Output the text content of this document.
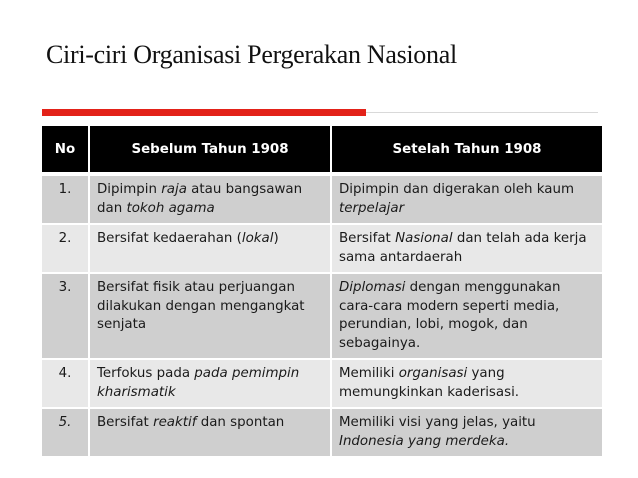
Ciri-ciri Organisasi Pergerakan Nasional
No	Sebelum Tahun 1908	Setelah Tahun 1908
1.	Dipimpin raja atau bangsawan dan tokoh agama	Dipimpin dan digerakan oleh kaum terpelajar
2.	Bersifat kedaerahan (lokal)	Bersifat Nasional dan telah ada kerja sama antardaerah
3.	Bersifat fisik atau perjuangan dilakukan dengan mengangkat senjata	Diplomasi dengan menggunakan cara-cara modern seperti media, perundian, lobi, mogok, dan sebagainya.
4.	Terfokus pada pada pemimpin kharismatik	Memiliki organisasi yang memungkinkan kaderisasi.
5.	Bersifat reaktif dan spontan	Memiliki visi yang jelas, yaitu Indonesia yang merdeka.
